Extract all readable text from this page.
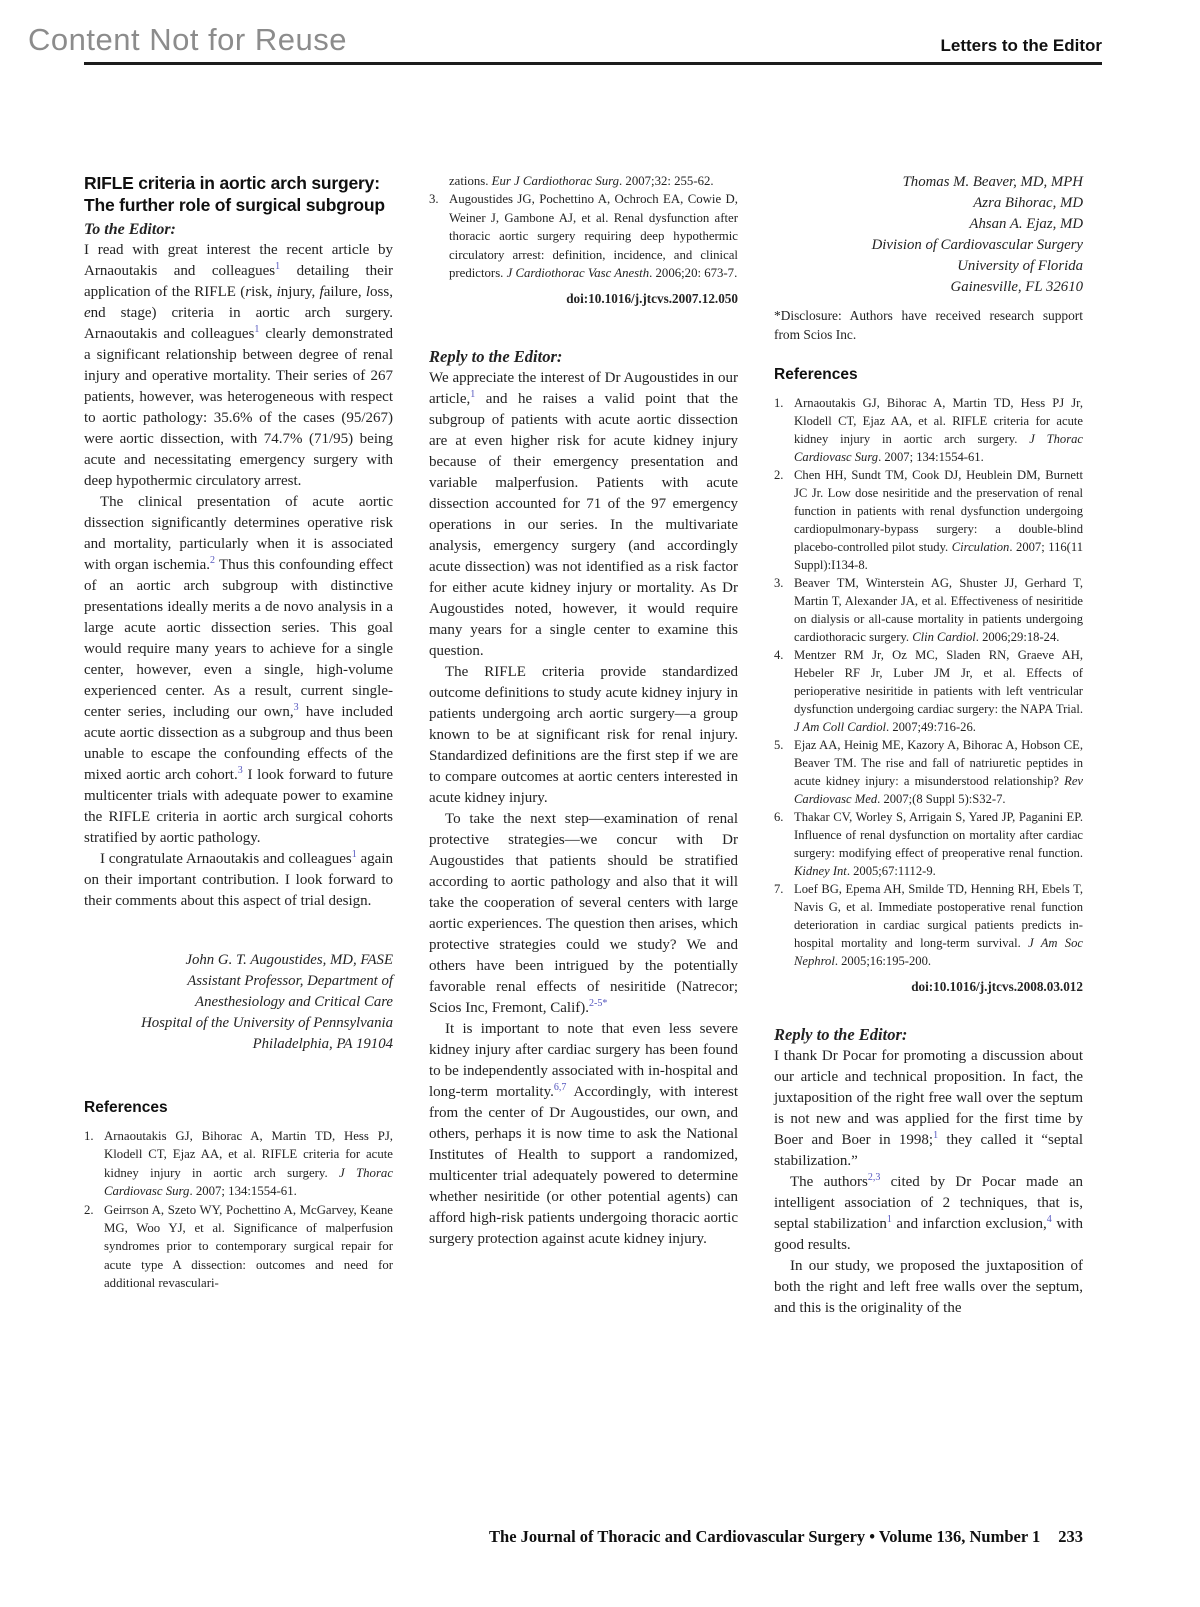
Content Not for Reuse	Letters to the Editor
RIFLE criteria in aortic arch surgery: The further role of surgical subgroup

To the Editor:

I read with great interest the recent article by Arnaoutakis and colleagues$^1$ detailing their application of the RIFLE (risk, injury, failure, loss, end stage) criteria in aortic arch surgery. Arnaoutakis and colleagues$^1$ clearly demonstrated a significant relationship between degree of renal injury and operative mortality. Their series of 267 patients, however, was heterogeneous with respect to aortic pathology: 35.6% of the cases (95/267) were aortic dissection, with 74.7% (71/95) being acute and necessitating emergency surgery with deep hypothermic circulatory arrest.

The clinical presentation of acute aortic dissection significantly determines operative risk and mortality, particularly when it is associated with organ ischemia.$^2$ Thus this confounding effect of an aortic arch subgroup with distinctive presentations ideally merits a de novo analysis in a large acute aortic dissection series. This goal would require many years to achieve for a single center, however, even a single, high-volume experienced center. As a result, current single-center series, including our own,$^3$ have included acute aortic dissection as a subgroup and thus been unable to escape the confounding effects of the mixed aortic arch cohort.$^3$ I look forward to future multicenter trials with adequate power to examine the RIFLE criteria in aortic arch surgical cohorts stratified by aortic pathology.

I congratulate Arnaoutakis and colleagues$^1$ again on their important contribution. I look forward to their comments about this aspect of trial design.

John G. T. Augoustides, MD, FASE
Assistant Professor, Department of
Anesthesiology and Critical Care
Hospital of the University of Pennsylvania
Philadelphia, PA 19104
References
1. Arnaoutakis GJ, Bihorac A, Martin TD, Hess PJ, Klodell CT, Ejaz AA, et al. RIFLE criteria for acute kidney injury in aortic arch surgery. J Thorac Cardiovasc Surg. 2007; 134:1554-61.
2. Geirrson A, Szeto WY, Pochettino A, McGarvey, Keane MG, Woo YJ, et al. Significance of malperfusion syndromes prior to contemporary surgical repair for acute type A dissection: outcomes and need for additional revasculari-
zations. Eur J Cardiothorac Surg. 2007;32: 255-62.
3. Augoustides JG, Pochettino A, Ochroch EA, Cowie D, Weiner J, Gambone AJ, et al. Renal dysfunction after thoracic aortic surgery requiring deep hypothermic circulatory arrest: definition, incidence, and clinical predictors. J Cardiothorac Vasc Anesth. 2006;20: 673-7.
doi:10.1016/j.jtcvs.2007.12.050
Reply to the Editor:

We appreciate the interest of Dr Augoustides in our article,$^1$ and he raises a valid point that the subgroup of patients with acute aortic dissection are at even higher risk for acute kidney injury because of their emergency presentation and variable malperfusion. Patients with acute dissection accounted for 71 of the 97 emergency operations in our series. In the multivariate analysis, emergency surgery (and accordingly acute dissection) was not identified as a risk factor for either acute kidney injury or mortality. As Dr Augoustides noted, however, it would require many years for a single center to examine this question.

The RIFLE criteria provide standardized outcome definitions to study acute kidney injury in patients undergoing arch aortic surgery—a group known to be at significant risk for renal injury. Standardized definitions are the first step if we are to compare outcomes at aortic centers interested in acute kidney injury.

To take the next step—examination of renal protective strategies—we concur with Dr Augoustides that patients should be stratified according to aortic pathology and also that it will take the cooperation of several centers with large aortic experiences. The question then arises, which protective strategies could we study? We and others have been intrigued by the potentially favorable renal effects of nesiritide (Natrecor; Scios Inc, Fremont, Calif).$^{2-5*}$

It is important to note that even less severe kidney injury after cardiac surgery has been found to be independently associated with in-hospital and long-term mortality.$^{6,7}$ Accordingly, with interest from the center of Dr Augoustides, our own, and others, perhaps it is now time to ask the National Institutes of Health to support a randomized, multicenter trial adequately powered to determine whether nesiritide (or other potential agents) can afford high-risk patients undergoing thoracic aortic surgery protection against acute kidney injury.

Thomas M. Beaver, MD, MPH
Azra Bihorac, MD
Ahsan A. Ejaz, MD
Division of Cardiovascular Surgery
University of Florida
Gainesville, FL 32610
*Disclosure: Authors have received research support from Scios Inc.
References
1. Arnaoutakis GJ, Bihorac A, Martin TD, Hess PJ Jr, Klodell CT, Ejaz AA, et al. RIFLE criteria for acute kidney injury in aortic arch surgery. J Thorac Cardiovasc Surg. 2007; 134:1554-61.
2. Chen HH, Sundt TM, Cook DJ, Heublein DM, Burnett JC Jr. Low dose nesiritide and the preservation of renal function in patients with renal dysfunction undergoing cardiopulmonary-bypass surgery: a double-blind placebo-controlled pilot study. Circulation. 2007; 116(11 Suppl):I134-8.
3. Beaver TM, Winterstein AG, Shuster JJ, Gerhard T, Martin T, Alexander JA, et al. Effectiveness of nesiritide on dialysis or all-cause mortality in patients undergoing cardiothoracic surgery. Clin Cardiol. 2006;29:18-24.
4. Mentzer RM Jr, Oz MC, Sladen RN, Graeve AH, Hebeler RF Jr, Luber JM Jr, et al. Effects of perioperative nesiritide in patients with left ventricular dysfunction undergoing cardiac surgery: the NAPA Trial. J Am Coll Cardiol. 2007;49:716-26.
5. Ejaz AA, Heinig ME, Kazory A, Bihorac A, Hobson CE, Beaver TM. The rise and fall of natriuretic peptides in acute kidney injury: a misunderstood relationship? Rev Cardiovasc Med. 2007;(8 Suppl 5):S32-7.
6. Thakar CV, Worley S, Arrigain S, Yared JP, Paganini EP. Influence of renal dysfunction on mortality after cardiac surgery: modifying effect of preoperative renal function. Kidney Int. 2005;67:1112-9.
7. Loef BG, Epema AH, Smilde TD, Henning RH, Ebels T, Navis G, et al. Immediate postoperative renal function deterioration in cardiac surgical patients predicts in-hospital mortality and long-term survival. J Am Soc Nephrol. 2005;16:195-200.
doi:10.1016/j.jtcvs.2008.03.012
Reply to the Editor:

I thank Dr Pocar for promoting a discussion about our article and technical proposition. In fact, the juxtaposition of the right free wall over the septum is not new and was applied for the first time by Boer and Boer in 1998;$^1$ they called it “septal stabilization.”

The authors$^{2,3}$ cited by Dr Pocar made an intelligent association of 2 techniques, that is, septal stabilization$^1$ and infarction exclusion,$^4$ with good results.

In our study, we proposed the juxtaposition of both the right and left free walls over the septum, and this is the originality of the

The Journal of Thoracic and Cardiovascular Surgery • Volume 136, Number 1 233
